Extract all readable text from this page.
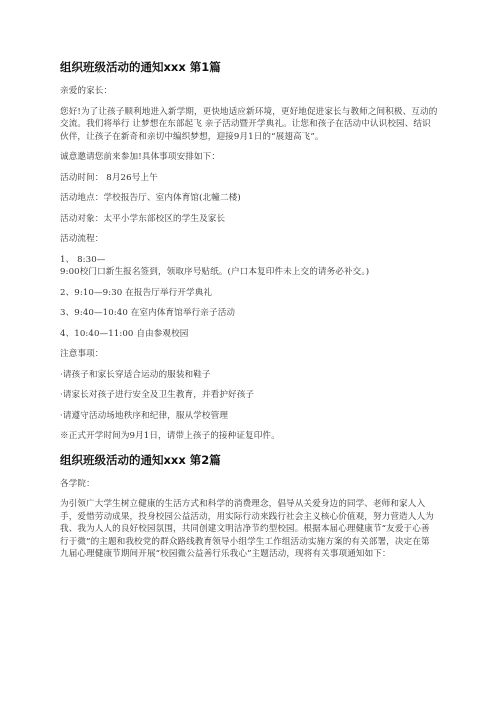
组织班级活动的通知xxx 第1篇

亲爱的家长：

您好!为了让孩子顺利地进入新学期，更快地适应新环境，更好地促进家长与教师之间积极、互动的交流。我们将举行 让梦想在东部起飞 亲子活动暨开学典礼。让您和孩子在活动中认识校园、结识伙伴，让孩子在新奇和亲切中编织梦想，迎接9月1日的“展翅高飞”。

诚意邀请您前来参加!具体事项安排如下：

活动时间： 8月26号上午

活动地点：学校报告厅、室内体育馆(北幢二楼)

活动对象：太平小学东部校区的学生及家长

活动流程：

1、 8:30—

9:00校门口新生报名签到，领取序号贴纸。(户口本复印件未上交的请务必补交。)

2、9:10—9:30 在报告厅举行开学典礼

3、9:40—10:40 在室内体育馆举行亲子活动

4、10:40—11:00 自由参观校园

注意事项：

·请孩子和家长穿适合运动的服装和鞋子

·请家长对孩子进行安全及卫生教育，并看护好孩子

·请遵守活动场地秩序和纪律，服从学校管理

※正式开学时间为9月1日，请带上孩子的接种证复印件。

组织班级活动的通知xxx 第2篇

各学院：

为引领广大学生树立健康的生活方式和科学的消费理念，倡导从关爱身边的同学、老师和家人入手，爱惜劳动成果，投身校园公益活动，用实际行动来践行社会主义核心价值观，努力营造人人为我、我为人人的良好校园氛围，共同创建文明洁净节约型校园。根据本届心理健康节“友爱于心善行于微”的主题和我校党的群众路线教育领导小组学生工作组活动实施方案的有关部署，决定在第九届心理健康节期间开展“校园微公益善行乐我心”主题活动，现将有关事项通知如下：
